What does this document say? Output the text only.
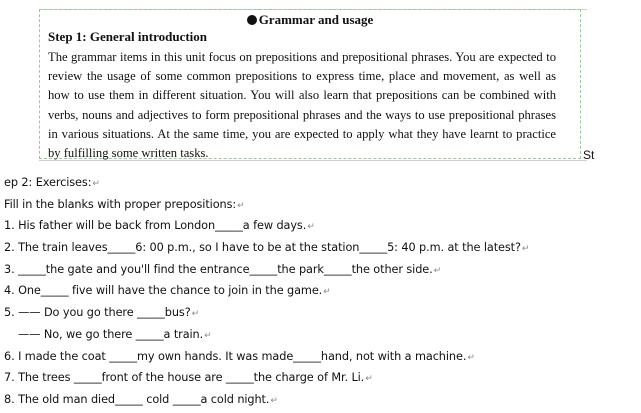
Grammar and usage
Step 1: General introduction
The grammar items in this unit focus on prepositions and prepositional phrases. You are expected to review the usage of some common prepositions to express time, place and movement, as well as how to use them in different situation. You will also learn that prepositions can be combined with verbs, nouns and adjectives to form prepositional phrases and the ways to use prepositional phrases in various situations. At the same time, you are expected to apply what they have learnt to practice by fulfilling some written tasks.	St
ep 2: Exercises:↵
Fill in the blanks with proper prepositions:↵
1. His father will be back from London_____a few days.↵
2. The train leaves_____6: 00 p.m., so I have to be at the station_____5: 40 p.m. at the latest?↵
3. _____the gate and you'll find the entrance_____the park_____the other side.↵
4. One_____ five will have the chance to join in the game.↵
5. —— Do you go there _____bus?↵
—— No, we go there _____a train.↵
6. I made the coat _____my own hands. It was made_____hand, not with a machine.↵
7. The trees _____front of the house are _____the charge of Mr. Li.↵
8. The old man died_____ cold _____a cold night.↵
